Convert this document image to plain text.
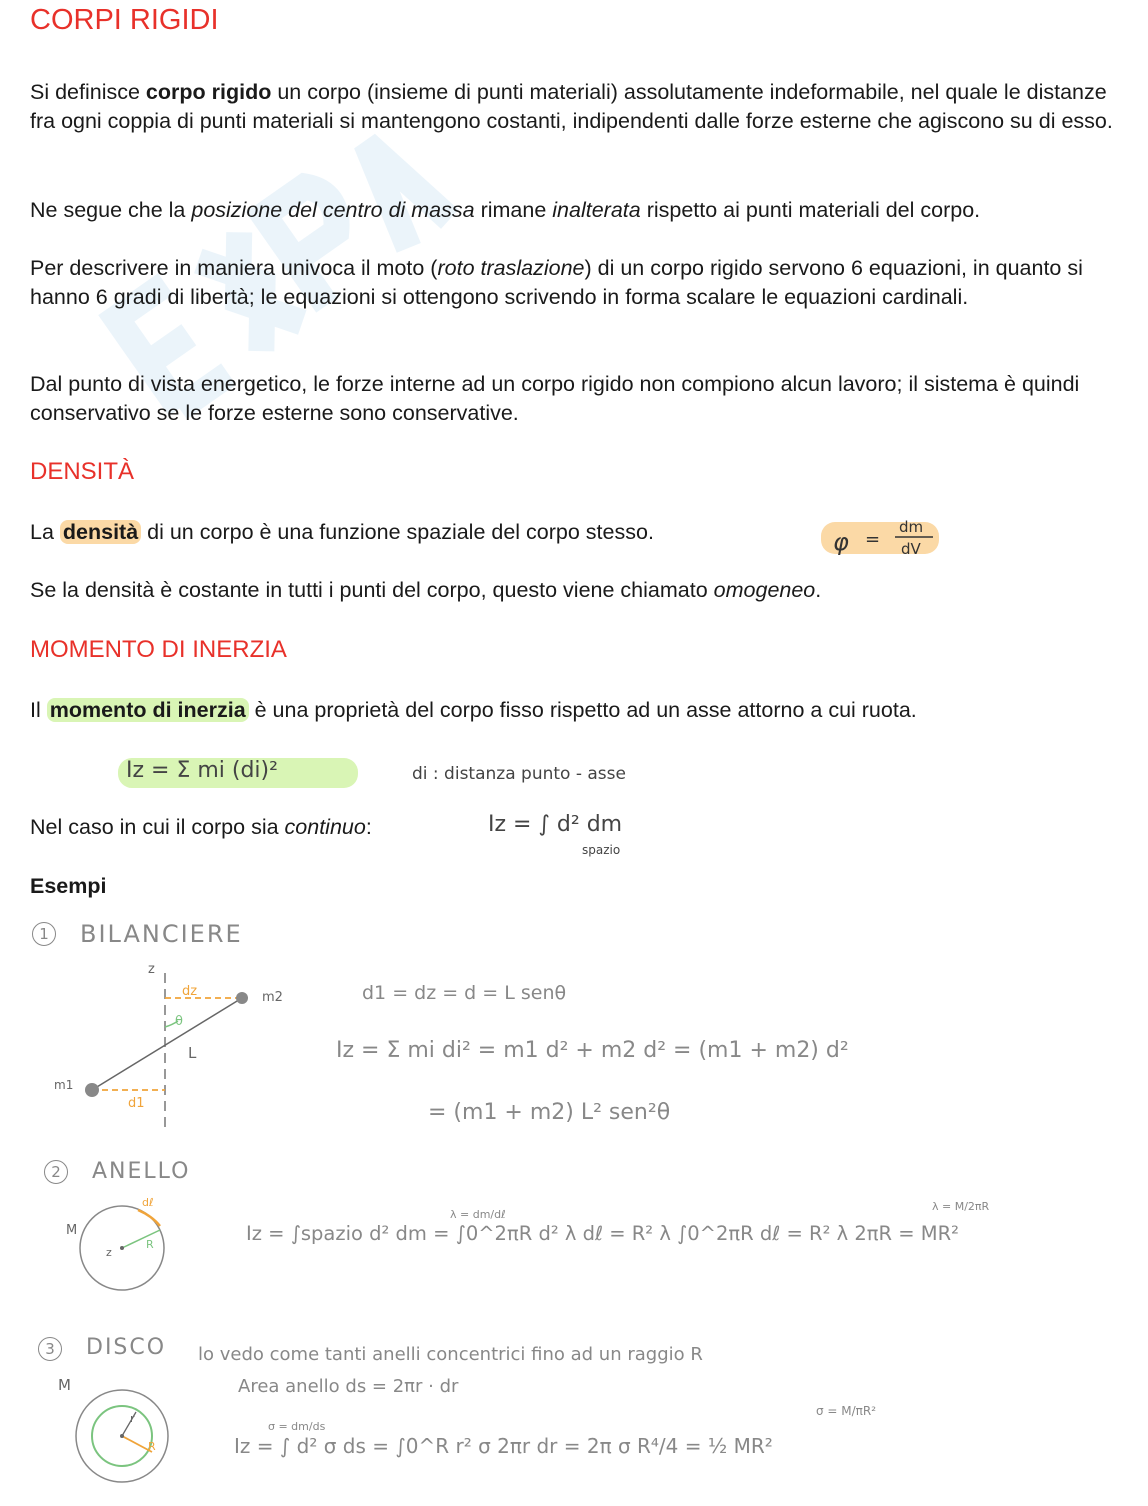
CORPI RIGIDI
Si definisce corpo rigido un corpo (insieme di punti materiali) assolutamente indeformabile, nel quale le distanze fra ogni coppia di punti materiali si mantengono costanti, indipendenti dalle forze esterne che agiscono su di esso.
Ne segue che la posizione del centro di massa rimane inalterata rispetto ai punti materiali del corpo.
Per descrivere in maniera univoca il moto (roto traslazione) di un corpo rigido servono 6 equazioni, in quanto si hanno 6 gradi di libertà; le equazioni si ottengono scrivendo in forma scalare le equazioni cardinali.
Dal punto di vista energetico, le forze interne ad un corpo rigido non compiono alcun lavoro; il sistema è quindi conservativo se le forze esterne sono conservative.
DENSITÀ
La densità di un corpo è una funzione spaziale del corpo stesso.	ρ = dm/dV
φ =
dm
dV
Se la densità è costante in tutti i punti del corpo, questo viene chiamato omogeneo.
MOMENTO DI INERZIA
Il momento di inerzia è una proprietà del corpo fisso rispetto ad un asse attorno a cui ruota.
Iz = Σ mi (di)²	di : distanza punto - asse
Nel caso in cui il corpo sia continuo:	Iz = ∫ d² dm
spazio
Esempi
1	BILANCIERE
z
dz	m2
θ
L
m1
d1
d1 = dz = d = L senθ
Iz = Σ mi di² = m1 d² + m2 d² = (m1 + m2) d²
= (m1 + m2) L² sen²θ
2	ANELLO
M
z
R
dℓ
λ = dm/dℓ
λ = M/2πR
Iz = ∫spazio d² dm = ∫0^2πR d² λ dℓ = R² λ ∫0^2πR dℓ = R² λ 2πR = MR²
3	DISCO lo vedo come tanti anelli concentrici fino ad un raggio R
Area anello ds = 2πr · dr
M
r
R
σ = dm/ds
σ = M/πR²
Iz = ∫ d² σ ds = ∫0^R r² σ 2πr dr = 2π σ R⁴/4 = ½ MR²
